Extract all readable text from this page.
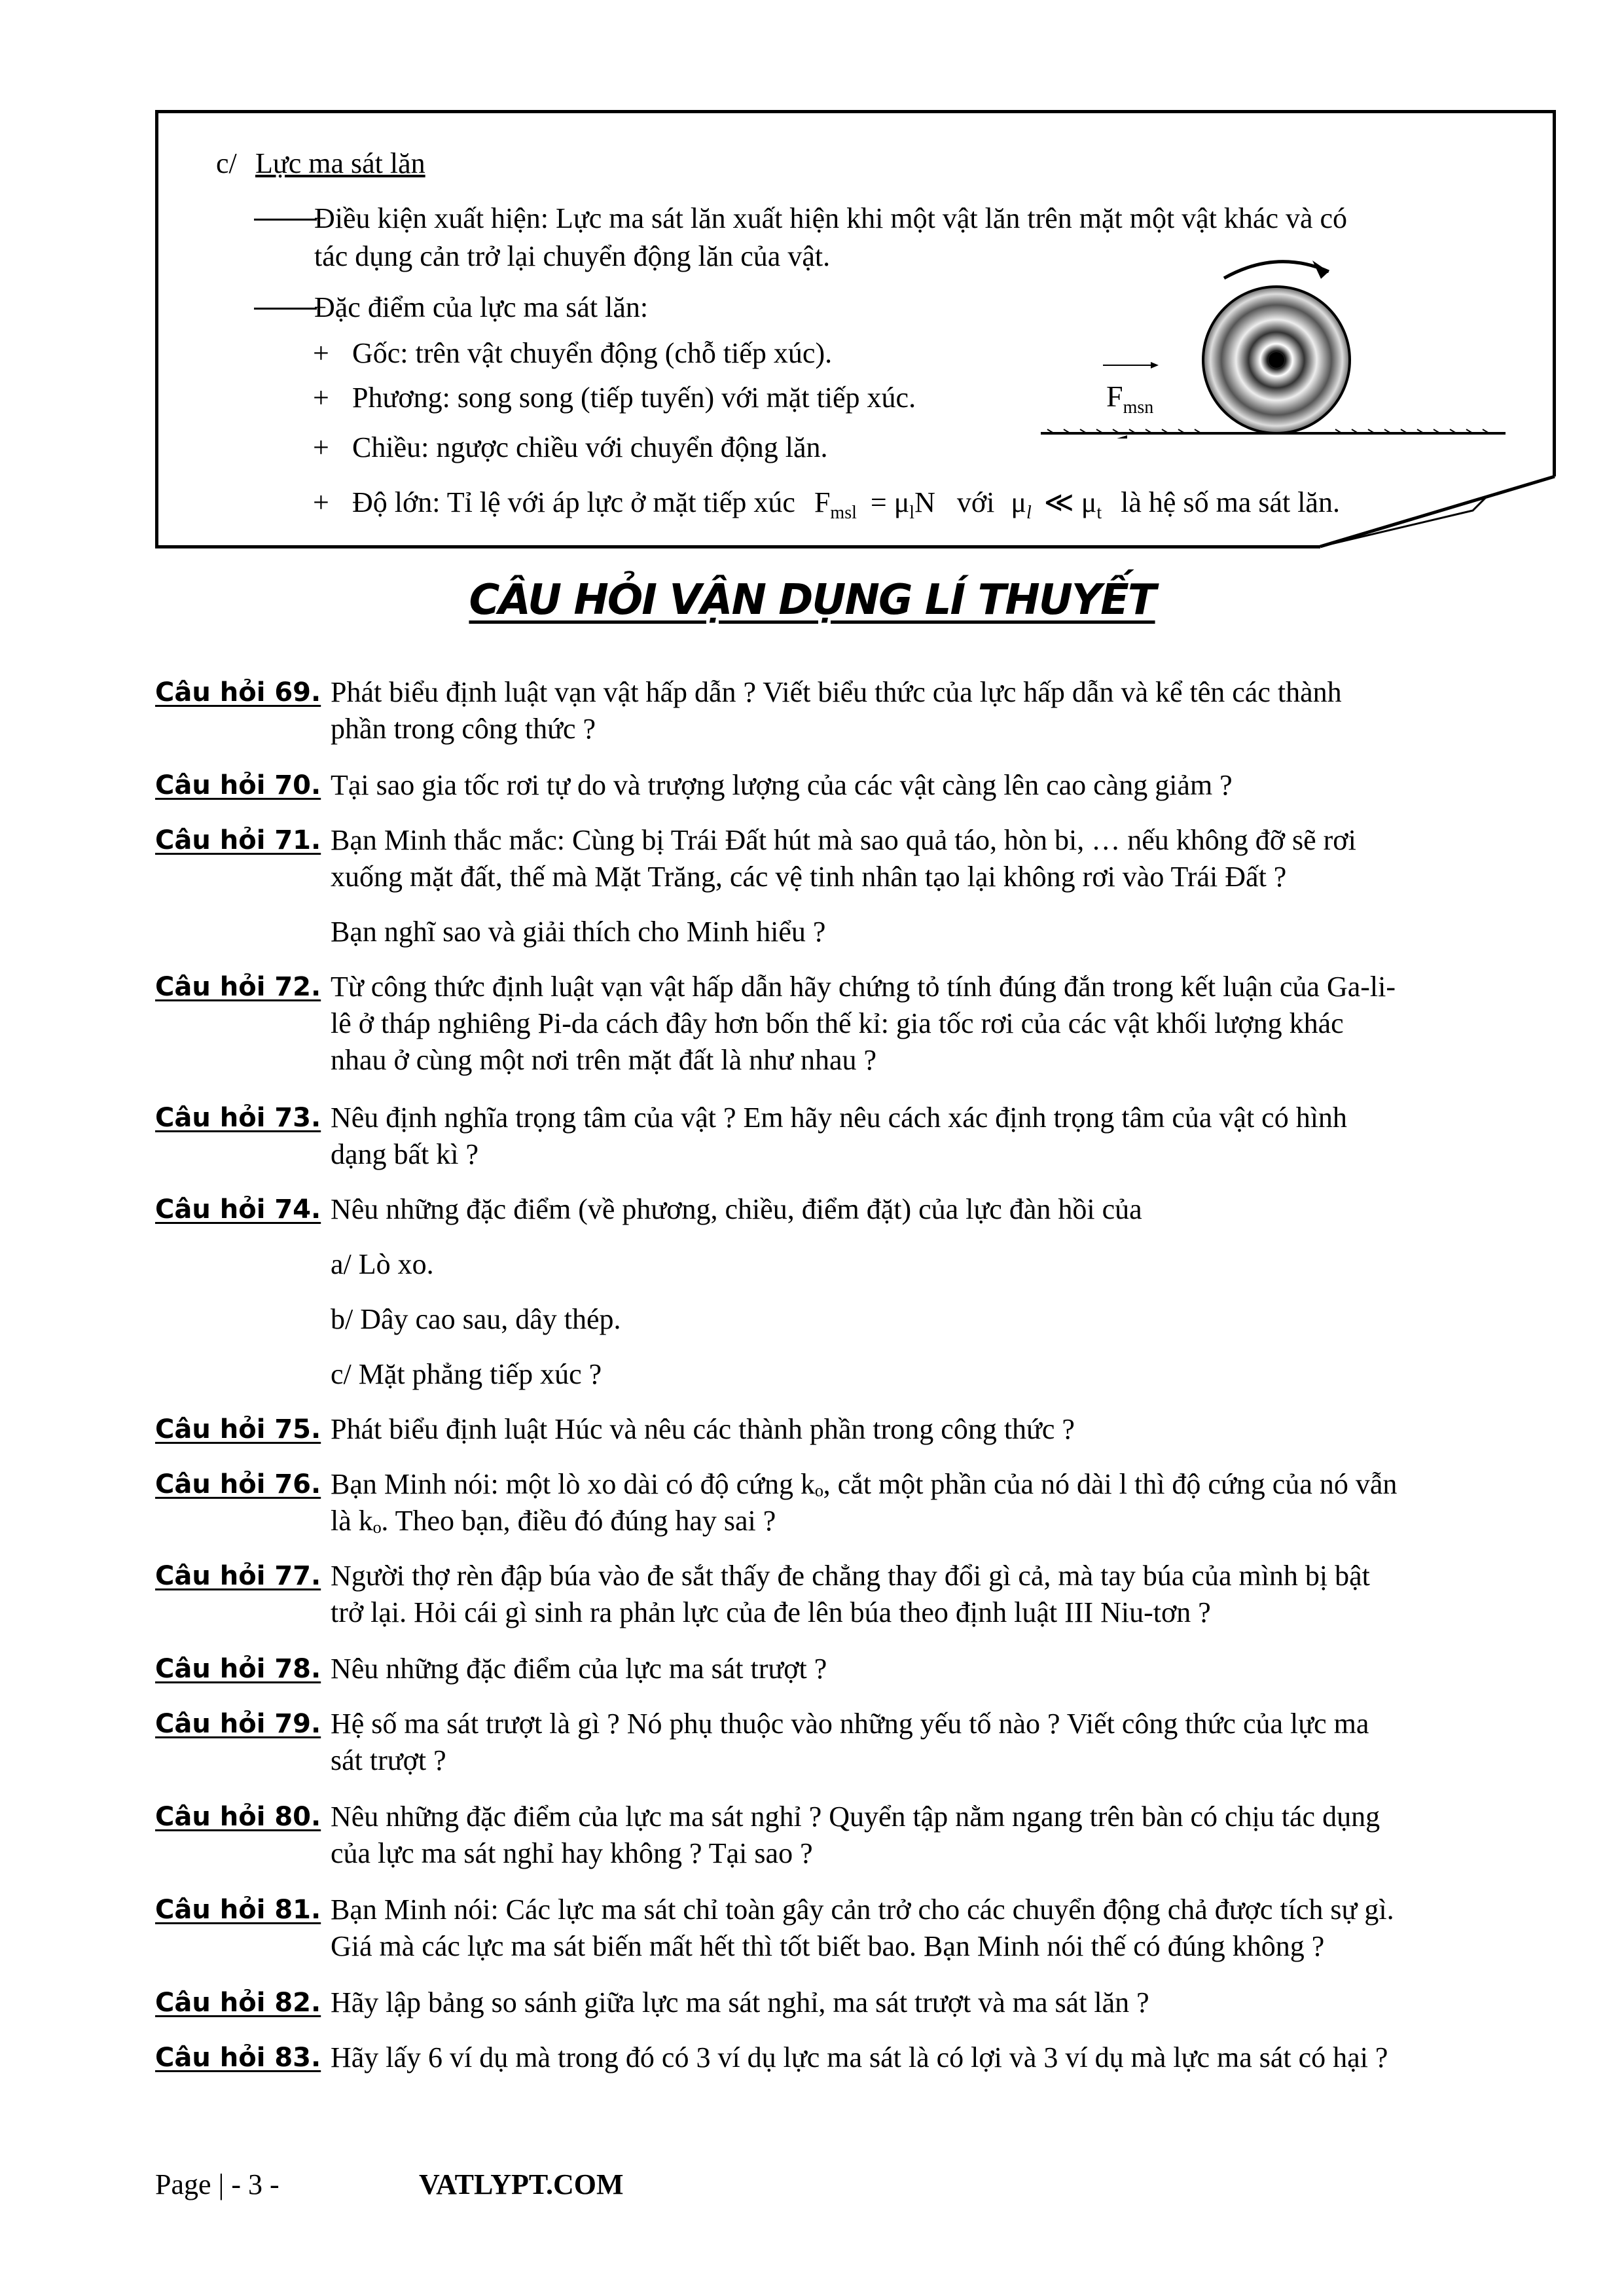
c/ Lực ma sát lăn
Điều kiện xuất hiện: Lực ma sát lăn xuất hiện khi một vật lăn trên mặt một vật khác và có
tác dụng cản trở lại chuyển động lăn của vật.
Đặc điểm của lực ma sát lăn:
+ Gốc: trên vật chuyển động (chỗ tiếp xúc).
+ Phương: song song (tiếp tuyến) với mặt tiếp xúc.
+ Chiều: ngược chiều với chuyển động lăn.
+ Độ lớn: Tỉ lệ với áp lực ở mặt tiếp xúc $F_{msl} = \mu_lN$ với $\mu_l$ ≪ $\mu_t$ là hệ số ma sát lăn.
$F_{msn}$
CÂU HỎI VẬN DỤNG LÍ THUYẾT
Câu hỏi 69. Phát biểu định luật vạn vật hấp dẫn ? Viết biểu thức của lực hấp dẫn và kể tên các thành
phần trong công thức ?
Câu hỏi 70. Tại sao gia tốc rơi tự do và trượng lượng của các vật càng lên cao càng giảm ?
Câu hỏi 71. Bạn Minh thắc mắc: Cùng bị Trái Đất hút mà sao quả táo, hòn bi, … nếu không đỡ sẽ rơi
xuống mặt đất, thế mà Mặt Trăng, các vệ tinh nhân tạo lại không rơi vào Trái Đất ?
Bạn nghĩ sao và giải thích cho Minh hiểu ?
Câu hỏi 72. Từ công thức định luật vạn vật hấp dẫn hãy chứng tỏ tính đúng đắn trong kết luận của Ga-li-
lê ở tháp nghiêng Pi-da cách đây hơn bốn thế kỉ: gia tốc rơi của các vật khối lượng khác
nhau ở cùng một nơi trên mặt đất là như nhau ?
Câu hỏi 73. Nêu định nghĩa trọng tâm của vật ? Em hãy nêu cách xác định trọng tâm của vật có hình
dạng bất kì ?
Câu hỏi 74. Nêu những đặc điểm (về phương, chiều, điểm đặt) của lực đàn hồi của
a/ Lò xo.
b/ Dây cao sau, dây thép.
c/ Mặt phẳng tiếp xúc ?
Câu hỏi 75. Phát biểu định luật Húc và nêu các thành phần trong công thức ?
Câu hỏi 76. Bạn Minh nói: một lò xo dài có độ cứng kₒ, cắt một phần của nó dài l thì độ cứng của nó vẫn
là kₒ. Theo bạn, điều đó đúng hay sai ?
Câu hỏi 77. Người thợ rèn đập búa vào đe sắt thấy đe chẳng thay đổi gì cả, mà tay búa của mình bị bật
trở lại. Hỏi cái gì sinh ra phản lực của đe lên búa theo định luật III Niu-tơn ?
Câu hỏi 78. Nêu những đặc điểm của lực ma sát trượt ?
Câu hỏi 79. Hệ số ma sát trượt là gì ? Nó phụ thuộc vào những yếu tố nào ? Viết công thức của lực ma
sát trượt ?
Câu hỏi 80. Nêu những đặc điểm của lực ma sát nghỉ ? Quyển tập nằm ngang trên bàn có chịu tác dụng
của lực ma sát nghỉ hay không ? Tại sao ?
Câu hỏi 81. Bạn Minh nói: Các lực ma sát chỉ toàn gây cản trở cho các chuyển động chả được tích sự gì.
Giá mà các lực ma sát biến mất hết thì tốt biết bao. Bạn Minh nói thế có đúng không ?
Câu hỏi 82. Hãy lập bảng so sánh giữa lực ma sát nghỉ, ma sát trượt và ma sát lăn ?
Câu hỏi 83. Hãy lấy 6 ví dụ mà trong đó có 3 ví dụ lực ma sát là có lợi và 3 ví dụ mà lực ma sát có hại ?
Page | - 3 -	VATLYPT.COM
